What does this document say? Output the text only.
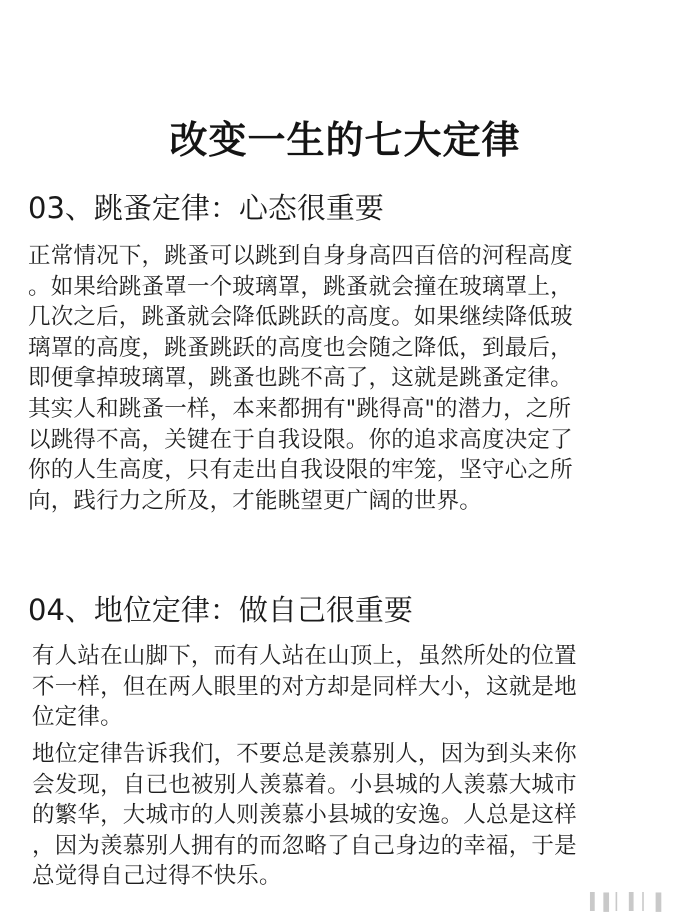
改变一生的七大定律
03、跳蚤定律：心态很重要
正常情况下，跳蚤可以跳到自身身高四百倍的河程高度
。如果给跳蚤罩一个玻璃罩，跳蚤就会撞在玻璃罩上，
几次之后，跳蚤就会降低跳跃的高度。如果继续降低玻
璃罩的高度，跳蚤跳跃的高度也会随之降低，到最后，
即便拿掉玻璃罩，跳蚤也跳不高了，这就是跳蚤定律。
其实人和跳蚤一样，本来都拥有"跳得高"的潜力，之所
以跳得不高，关键在于自我设限。你的追求高度决定了
你的人生高度，只有走出自我设限的牢笼，坚守心之所
向，践行力之所及，才能眺望更广阔的世界。
04、地位定律：做自己很重要
有人站在山脚下，而有人站在山顶上，虽然所处的位置
不一样，但在两人眼里的对方却是同样大小，这就是地
位定律。
地位定律告诉我们，不要总是羡慕别人，因为到头来你
会发现，自已也被别人羡慕着。小县城的人羡慕大城市
的繁华，大城市的人则羡慕小县城的安逸。人总是这样
，因为羡慕别人拥有的而忽略了自己身边的幸福，于是
总觉得自己过得不快乐。
▍▌▏▍▏▌
